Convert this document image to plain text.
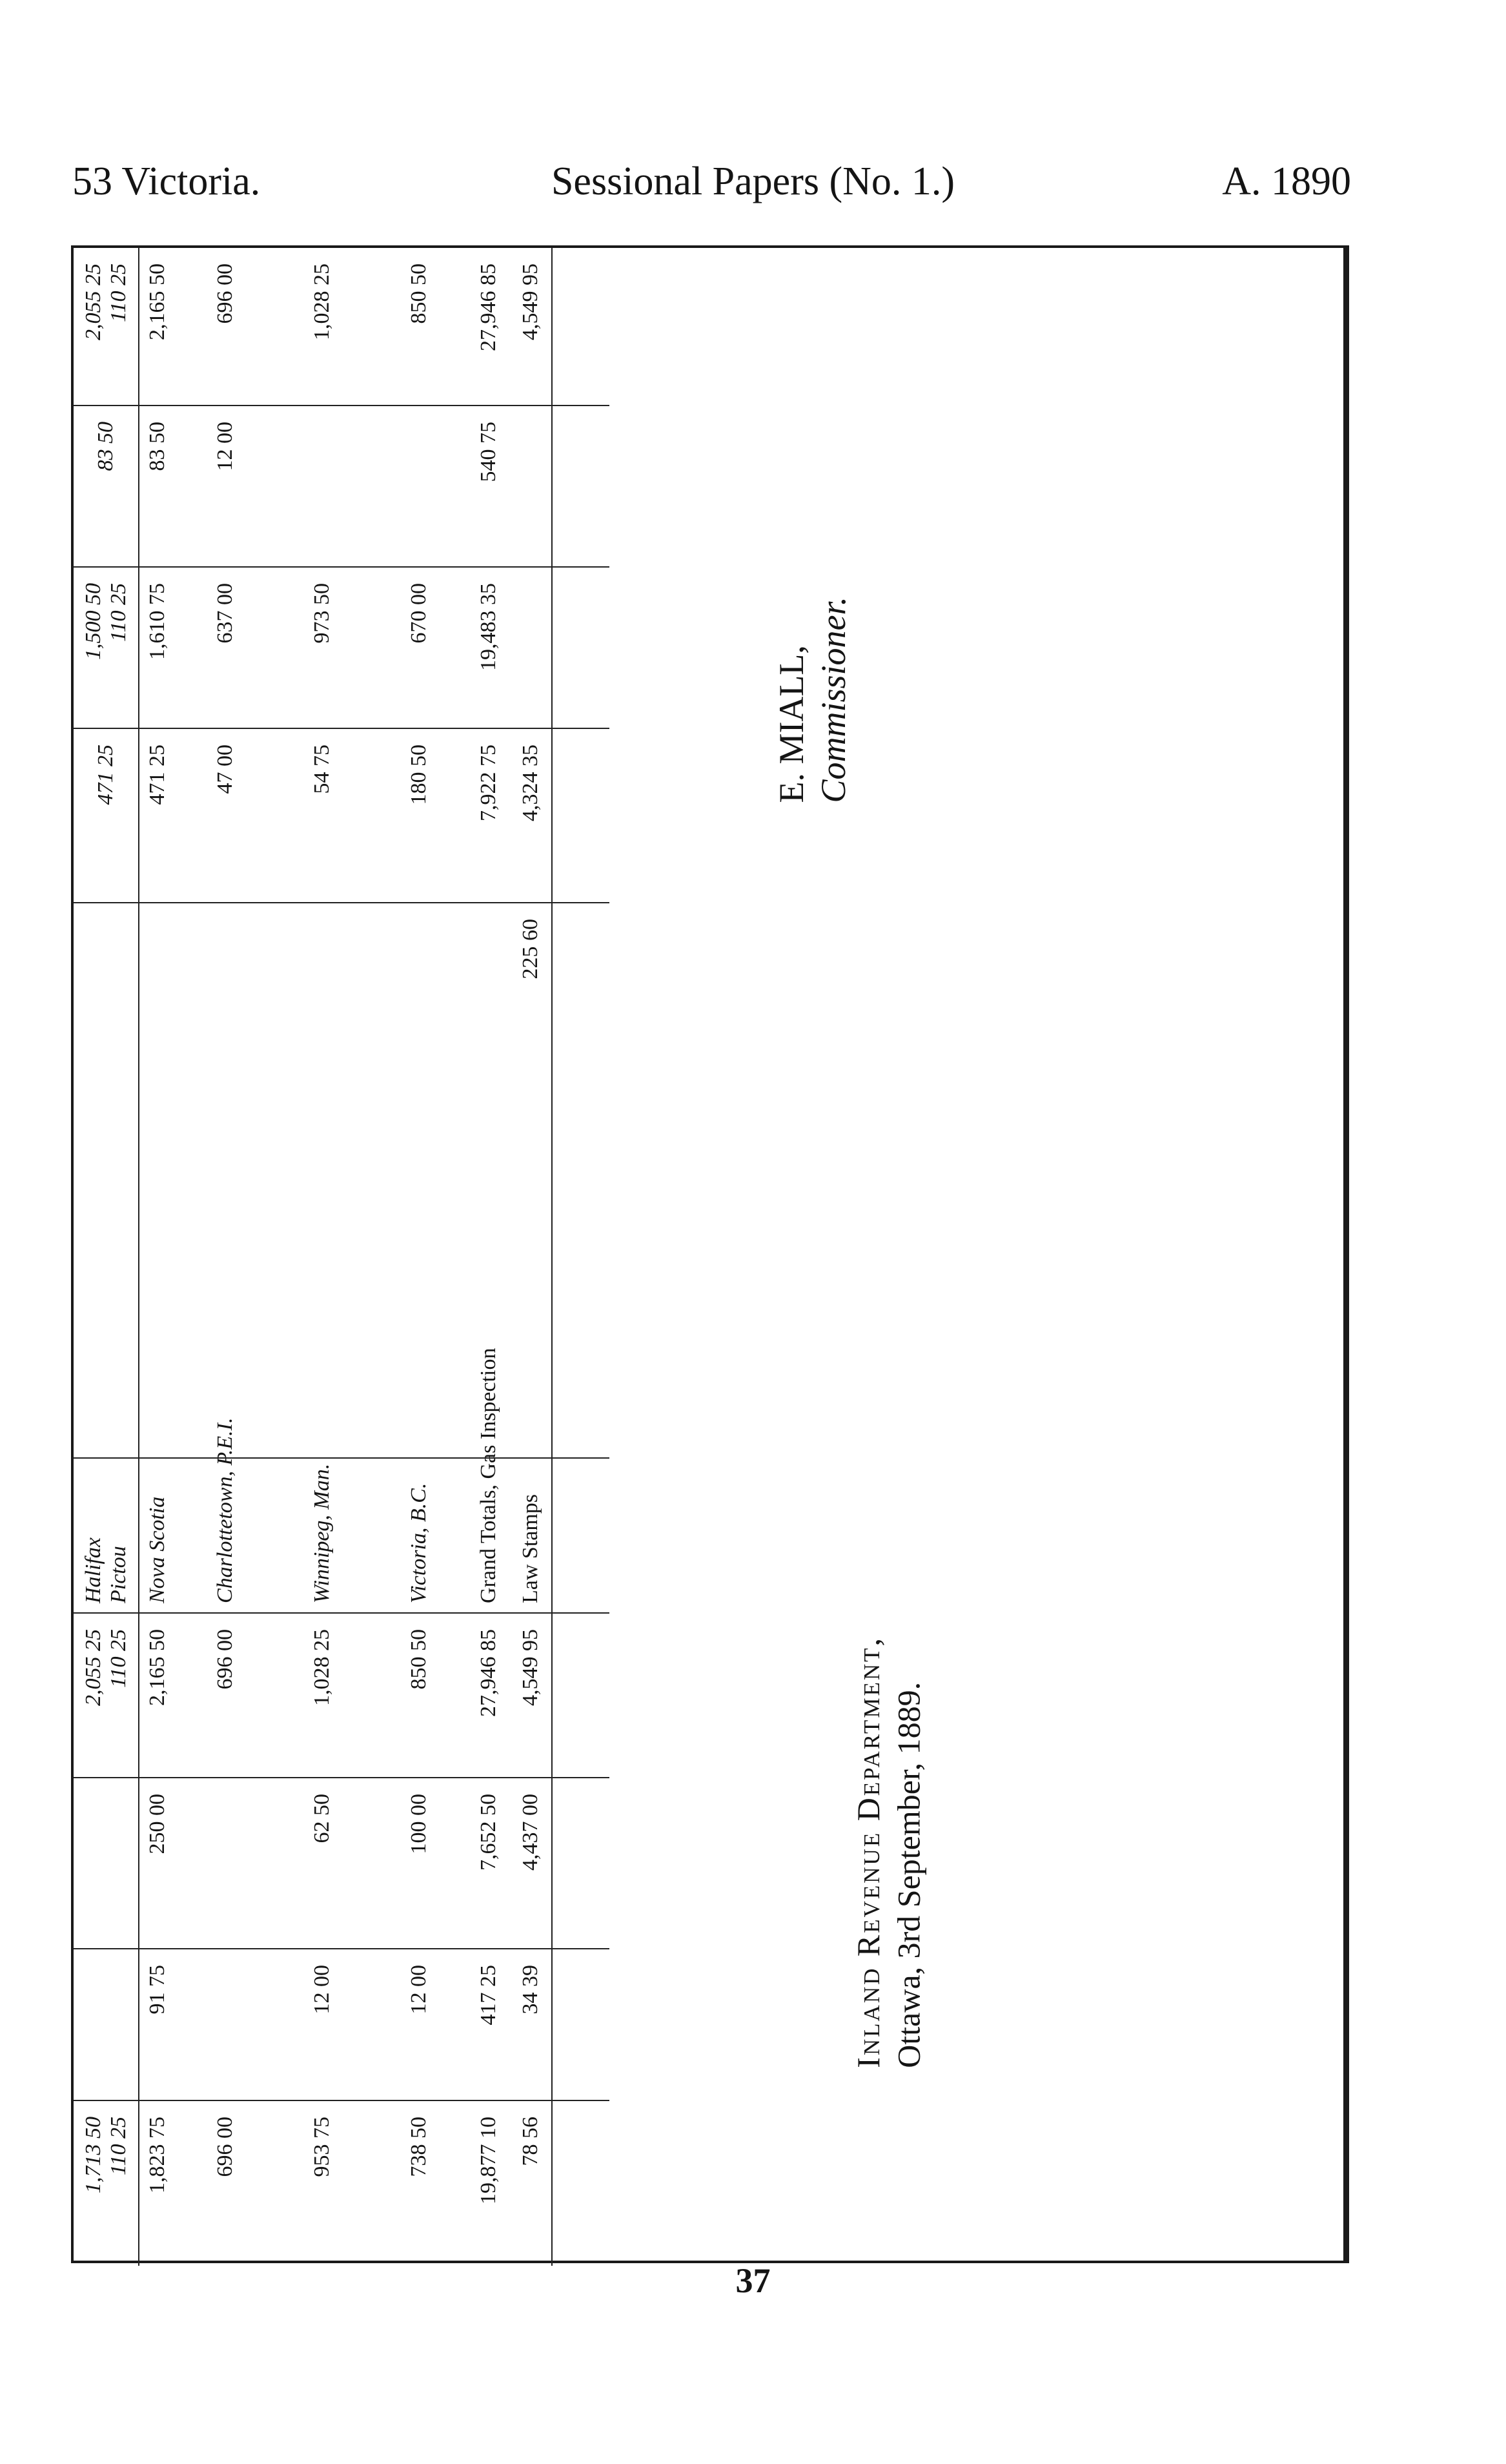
53 Victoria.	Sessional Papers (No. 1.)	A. 1890
1,713 50 110 25
2,055 25 110 25
Halifax Pictou
471 25
1,500 50 110 25
83 50
2,055 25 110 25
1,823 75
91 75
250 00
2,165 50
Nova Scotia
471 25
1,610 75
83 50
2,165 50
696 00
696 00
Charlottetown, P.E.I.
47 00
637 00
12 00
696 00
953 75
12 00
62 50
1,028 25
Winnipeg, Man.
54 75
973 50
1,028 25
738 50
12 00
100 00
850 50
Victoria, B.C.
180 50
670 00
850 50
19,877 10
417 25
7,652 50
27,946 85
Grand Totals, Gas Inspection
7,922 75
19,483 35
540 75
27,946 85
78 56
34 39
4,437 00
4,549 95
Law Stamps
225 60
4,324 35
4,549 95
E. MIALL, Commissioner.
Inland Revenue Department, Ottawa, 3rd September, 1889.
37
